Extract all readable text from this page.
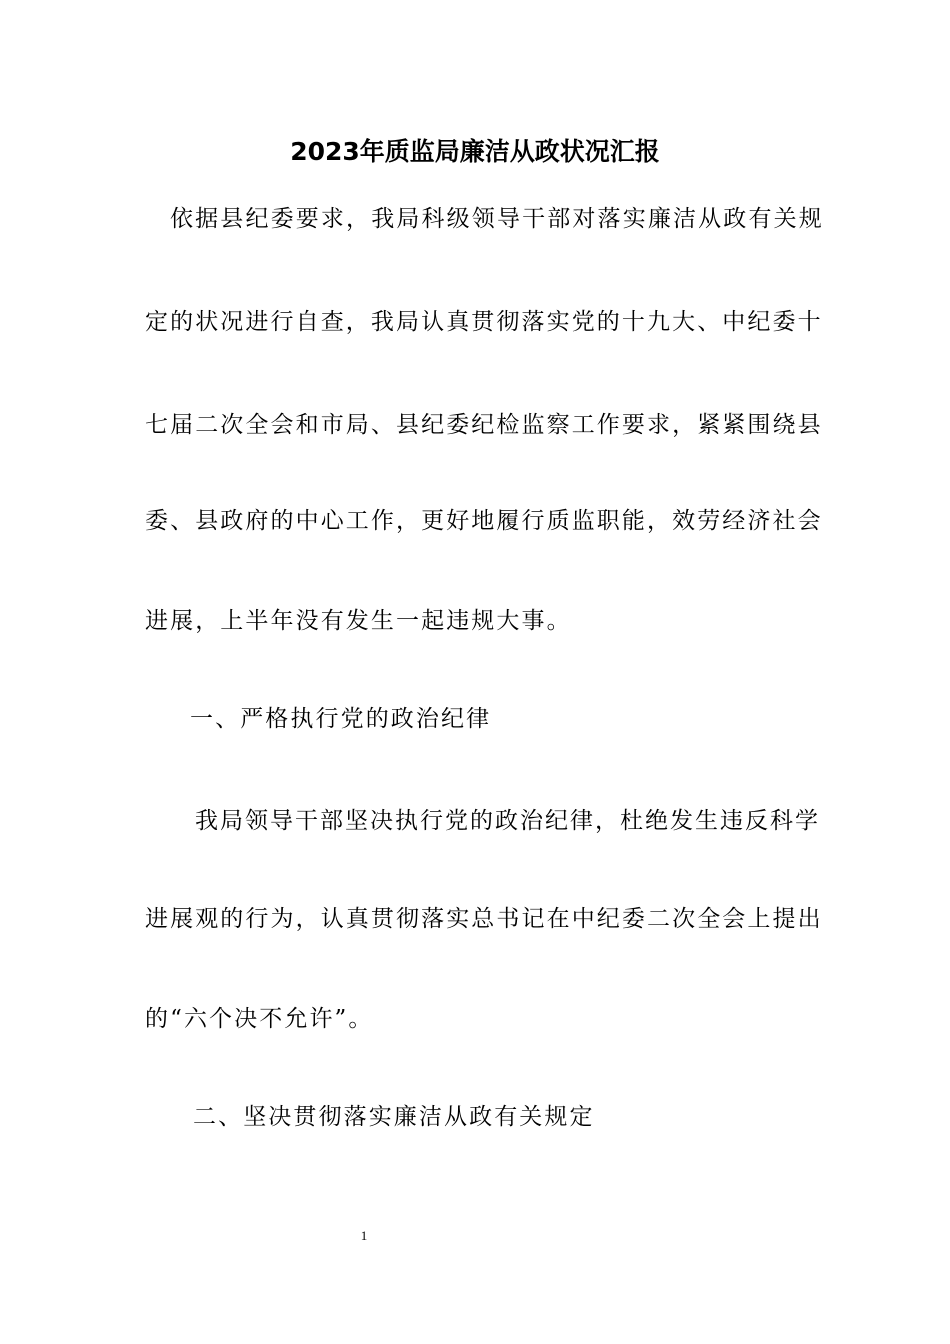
2023年质监局廉洁从政状况汇报
依据县纪委要求，我局科级领导干部对落实廉洁从政有关规
定的状况进行自查，我局认真贯彻落实党的十九大、中纪委十
七届二次全会和市局、县纪委纪检监察工作要求，紧紧围绕县
委、县政府的中心工作，更好地履行质监职能，效劳经济社会
进展，上半年没有发生一起违规大事。
一、严格执行党的政治纪律
我局领导干部坚决执行党的政治纪律，杜绝发生违反科学
进展观的行为，认真贯彻落实总书记在中纪委二次全会上提出
的“六个决不允许”。
二、坚决贯彻落实廉洁从政有关规定
1
